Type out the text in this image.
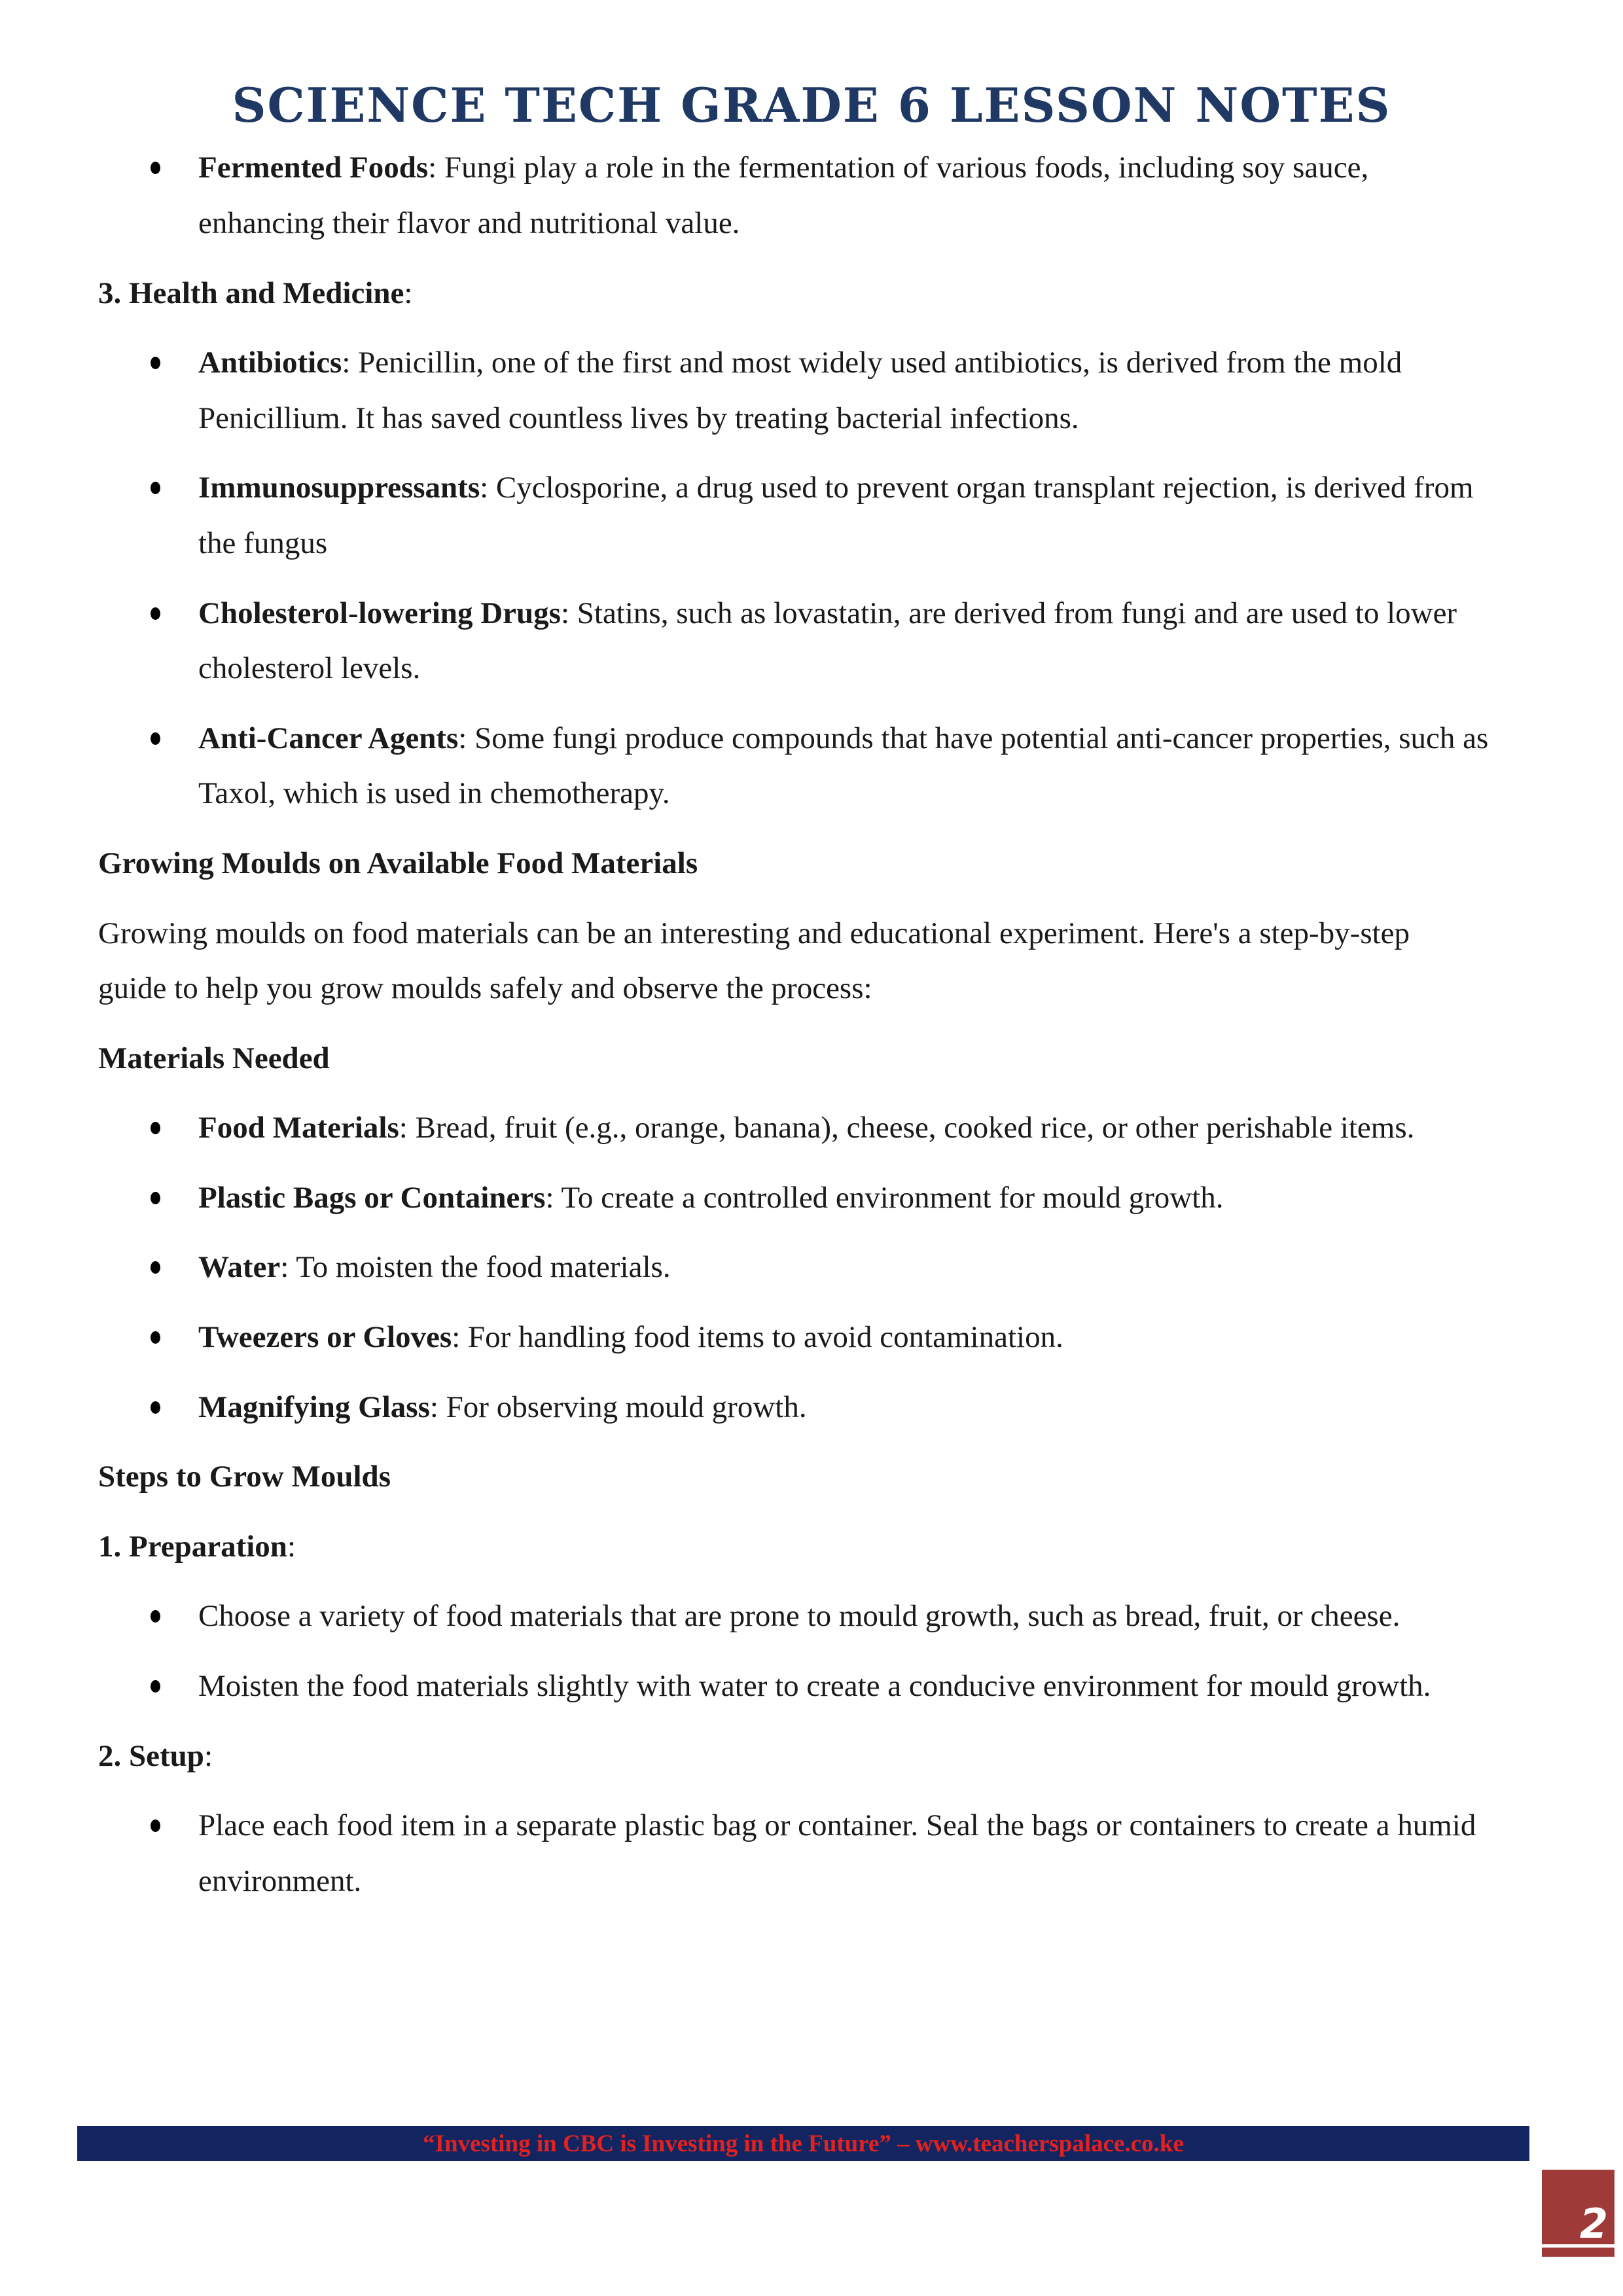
SCIENCE TECH GRADE 6 LESSON NOTES
Fermented Foods: Fungi play a role in the fermentation of various foods, including soy sauce, enhancing their flavor and nutritional value.

3. Health and Medicine:

Antibiotics: Penicillin, one of the first and most widely used antibiotics, is derived from the mold Penicillium. It has saved countless lives by treating bacterial infections.
Immunosuppressants: Cyclosporine, a drug used to prevent organ transplant rejection, is derived from the fungus
Cholesterol-lowering Drugs: Statins, such as lovastatin, are derived from fungi and are used to lower cholesterol levels.
Anti-Cancer Agents: Some fungi produce compounds that have potential anti-cancer properties, such as Taxol, which is used in chemotherapy.

Growing Moulds on Available Food Materials

Growing moulds on food materials can be an interesting and educational experiment. Here's a step-by-step guide to help you grow moulds safely and observe the process:

Materials Needed

Food Materials: Bread, fruit (e.g., orange, banana), cheese, cooked rice, or other perishable items.
Plastic Bags or Containers: To create a controlled environment for mould growth.
Water: To moisten the food materials.
Tweezers or Gloves: For handling food items to avoid contamination.
Magnifying Glass: For observing mould growth.

Steps to Grow Moulds

1. Preparation:

Choose a variety of food materials that are prone to mould growth, such as bread, fruit, or cheese.
Moisten the food materials slightly with water to create a conducive environment for mould growth.

2. Setup:

Place each food item in a separate plastic bag or container. Seal the bags or containers to create a humid environment.
“Investing in CBC is Investing in the Future” – www.teacherspalace.co.ke
2
